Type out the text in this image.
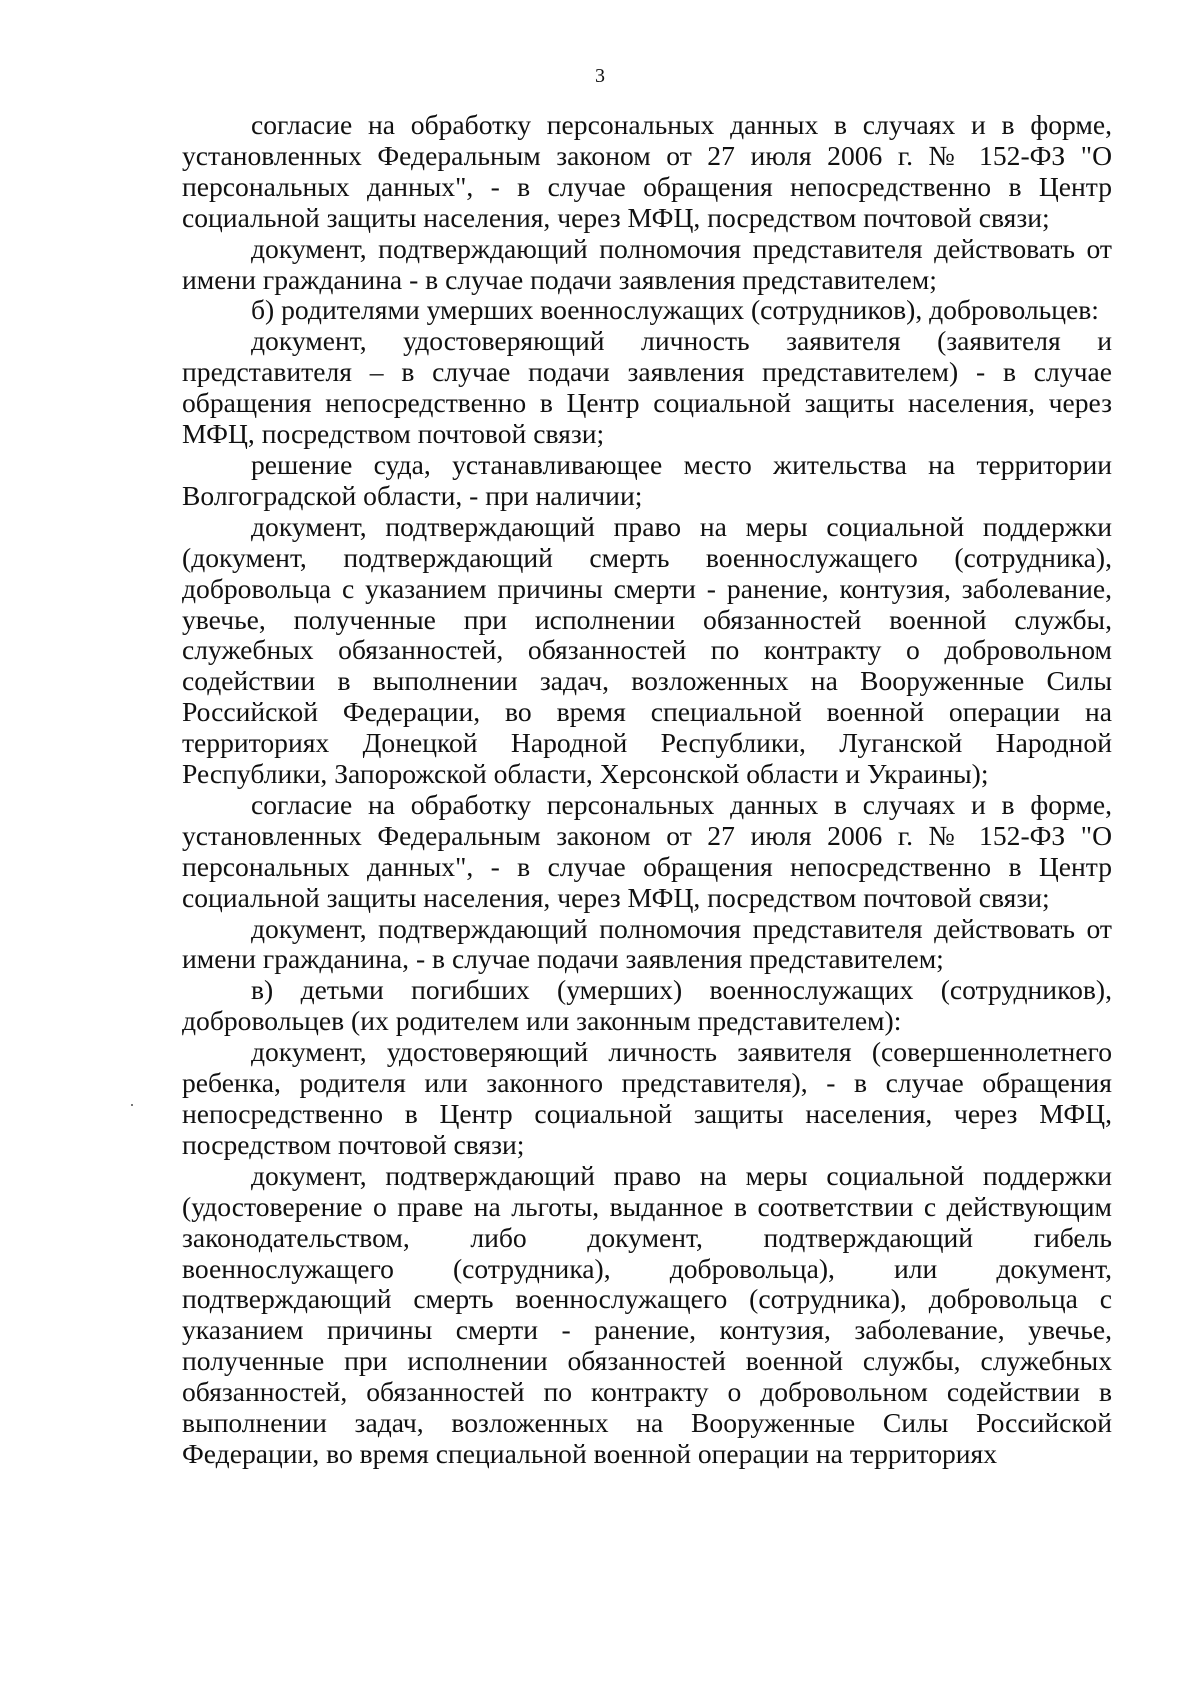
3

согласие на обработку персональных данных в случаях и в форме, установленных Федеральным законом от 27 июля 2006 г. № 152-ФЗ "О персональных данных", - в случае обращения непосредственно в Центр социальной защиты населения, через МФЦ, посредством почтовой связи;

документ, подтверждающий полномочия представителя действовать от имени гражданина - в случае подачи заявления представителем;

б) родителями умерших военнослужащих (сотрудников), добровольцев:

документ, удостоверяющий личность заявителя (заявителя и представителя – в случае подачи заявления представителем) - в случае обращения непосредственно в Центр социальной защиты населения, через МФЦ, посредством почтовой связи;

решение суда, устанавливающее место жительства на территории Волгоградской области, - при наличии;

документ, подтверждающий право на меры социальной поддержки (документ, подтверждающий смерть военнослужащего (сотрудника), добровольца с указанием причины смерти - ранение, контузия, заболевание, увечье, полученные при исполнении обязанностей военной службы, служебных обязанностей, обязанностей по контракту о добровольном содействии в выполнении задач, возложенных на Вооруженные Силы Российской Федерации, во время специальной военной операции на территориях Донецкой Народной Республики, Луганской Народной Республики, Запорожской области, Херсонской области и Украины);

согласие на обработку персональных данных в случаях и в форме, установленных Федеральным законом от 27 июля 2006 г. № 152-ФЗ "О персональных данных", - в случае обращения непосредственно в Центр социальной защиты населения, через МФЦ, посредством почтовой связи;

документ, подтверждающий полномочия представителя действовать от имени гражданина, - в случае подачи заявления представителем;

в) детьми погибших (умерших) военнослужащих (сотрудников), добровольцев (их родителем или законным представителем):

документ, удостоверяющий личность заявителя (совершеннолетнего ребенка, родителя или законного представителя), - в случае обращения непосредственно в Центр социальной защиты населения, через МФЦ, посредством почтовой связи;

документ, подтверждающий право на меры социальной поддержки (удостоверение о праве на льготы, выданное в соответствии с действующим законодательством, либо документ, подтверждающий гибель военнослужащего (сотрудника), добровольца), или документ, подтверждающий смерть военнослужащего (сотрудника), добровольца с указанием причины смерти - ранение, контузия, заболевание, увечье, полученные при исполнении обязанностей военной службы, служебных обязанностей, обязанностей по контракту о добровольном содействии в выполнении задач, возложенных на Вооруженные Силы Российской Федерации, во время специальной военной операции на территориях
